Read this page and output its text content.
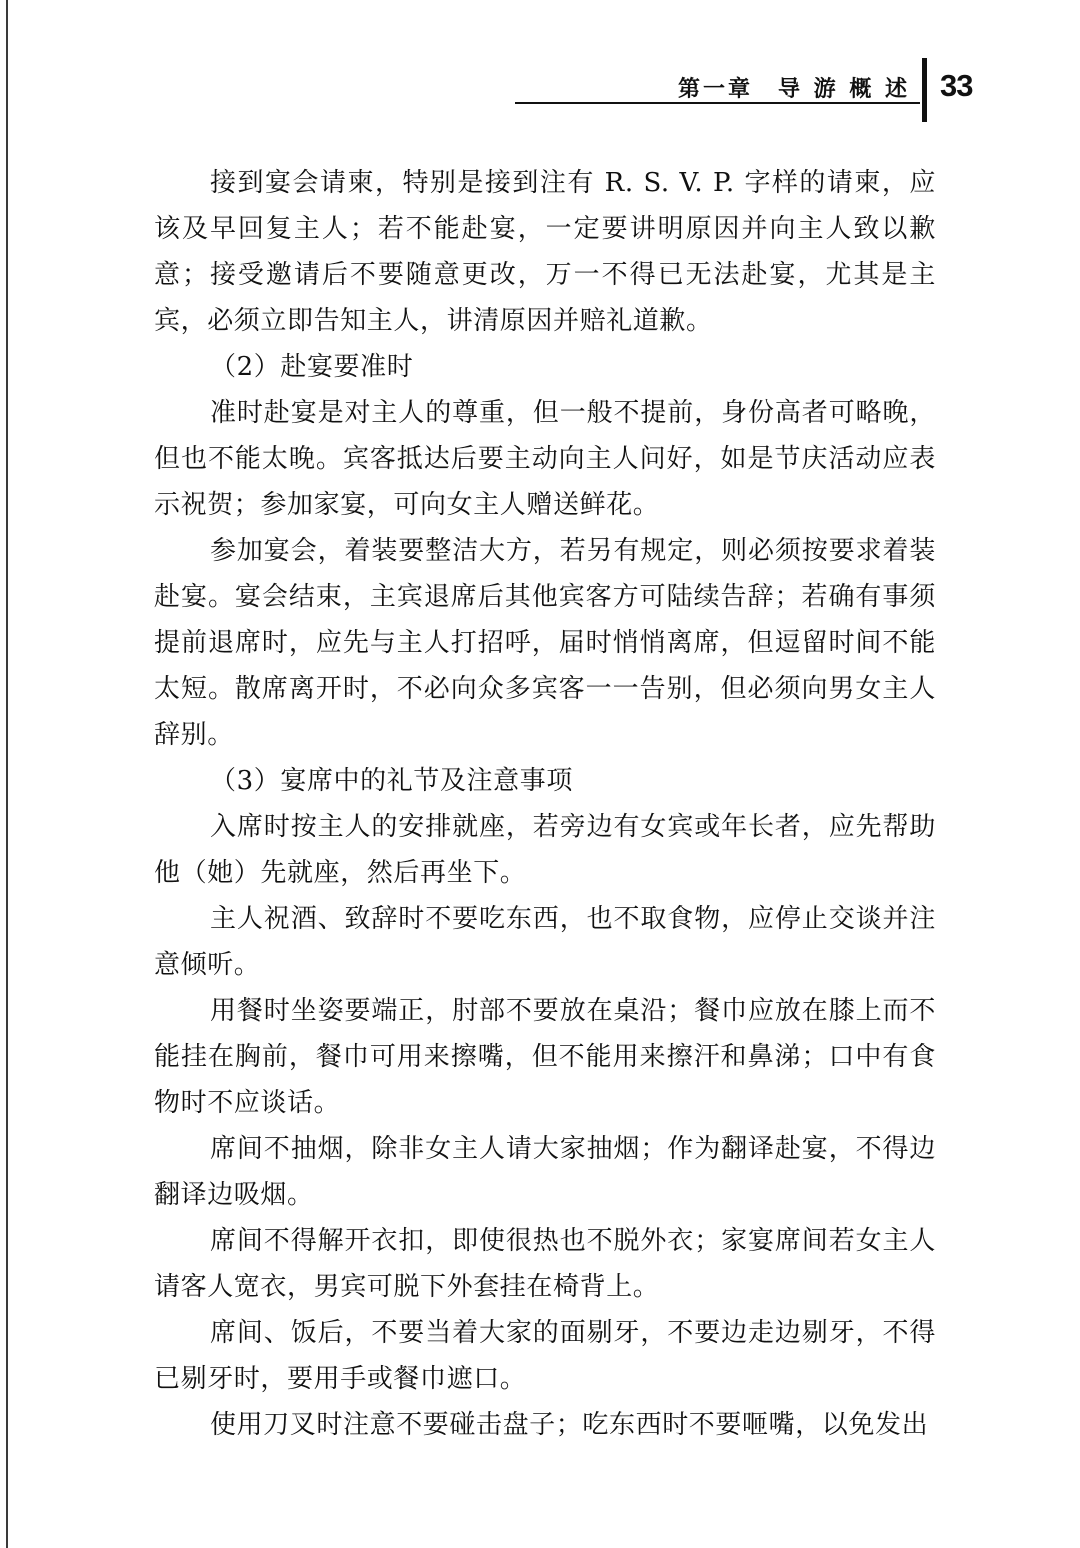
第一章　导 游 概 述 33

接到宴会请柬，特别是接到注有 R. S. V. P. 字样的请柬，应该及早回复主人；若不能赴宴，一定要讲明原因并向主人致以歉意；接受邀请后不要随意更改，万一不得已无法赴宴，尤其是主宾，必须立即告知主人，讲清原因并赔礼道歉。

（2）赴宴要准时

准时赴宴是对主人的尊重，但一般不提前，身份高者可略晚，但也不能太晚。宾客抵达后要主动向主人问好，如是节庆活动应表示祝贺；参加家宴，可向女主人赠送鲜花。

参加宴会，着装要整洁大方，若另有规定，则必须按要求着装赴宴。宴会结束，主宾退席后其他宾客方可陆续告辞；若确有事须提前退席时，应先与主人打招呼，届时悄悄离席，但逗留时间不能太短。散席离开时，不必向众多宾客一一告别，但必须向男女主人辞别。

（3）宴席中的礼节及注意事项

入席时按主人的安排就座，若旁边有女宾或年长者，应先帮助他（她）先就座，然后再坐下。

主人祝酒、致辞时不要吃东西，也不取食物，应停止交谈并注意倾听。

用餐时坐姿要端正，肘部不要放在桌沿；餐巾应放在膝上而不能挂在胸前，餐巾可用来擦嘴，但不能用来擦汗和鼻涕；口中有食物时不应谈话。

席间不抽烟，除非女主人请大家抽烟；作为翻译赴宴，不得边翻译边吸烟。

席间不得解开衣扣，即使很热也不脱外衣；家宴席间若女主人请客人宽衣，男宾可脱下外套挂在椅背上。

席间、饭后，不要当着大家的面剔牙，不要边走边剔牙，不得已剔牙时，要用手或餐巾遮口。

使用刀叉时注意不要碰击盘子；吃东西时不要咂嘴，以免发出
